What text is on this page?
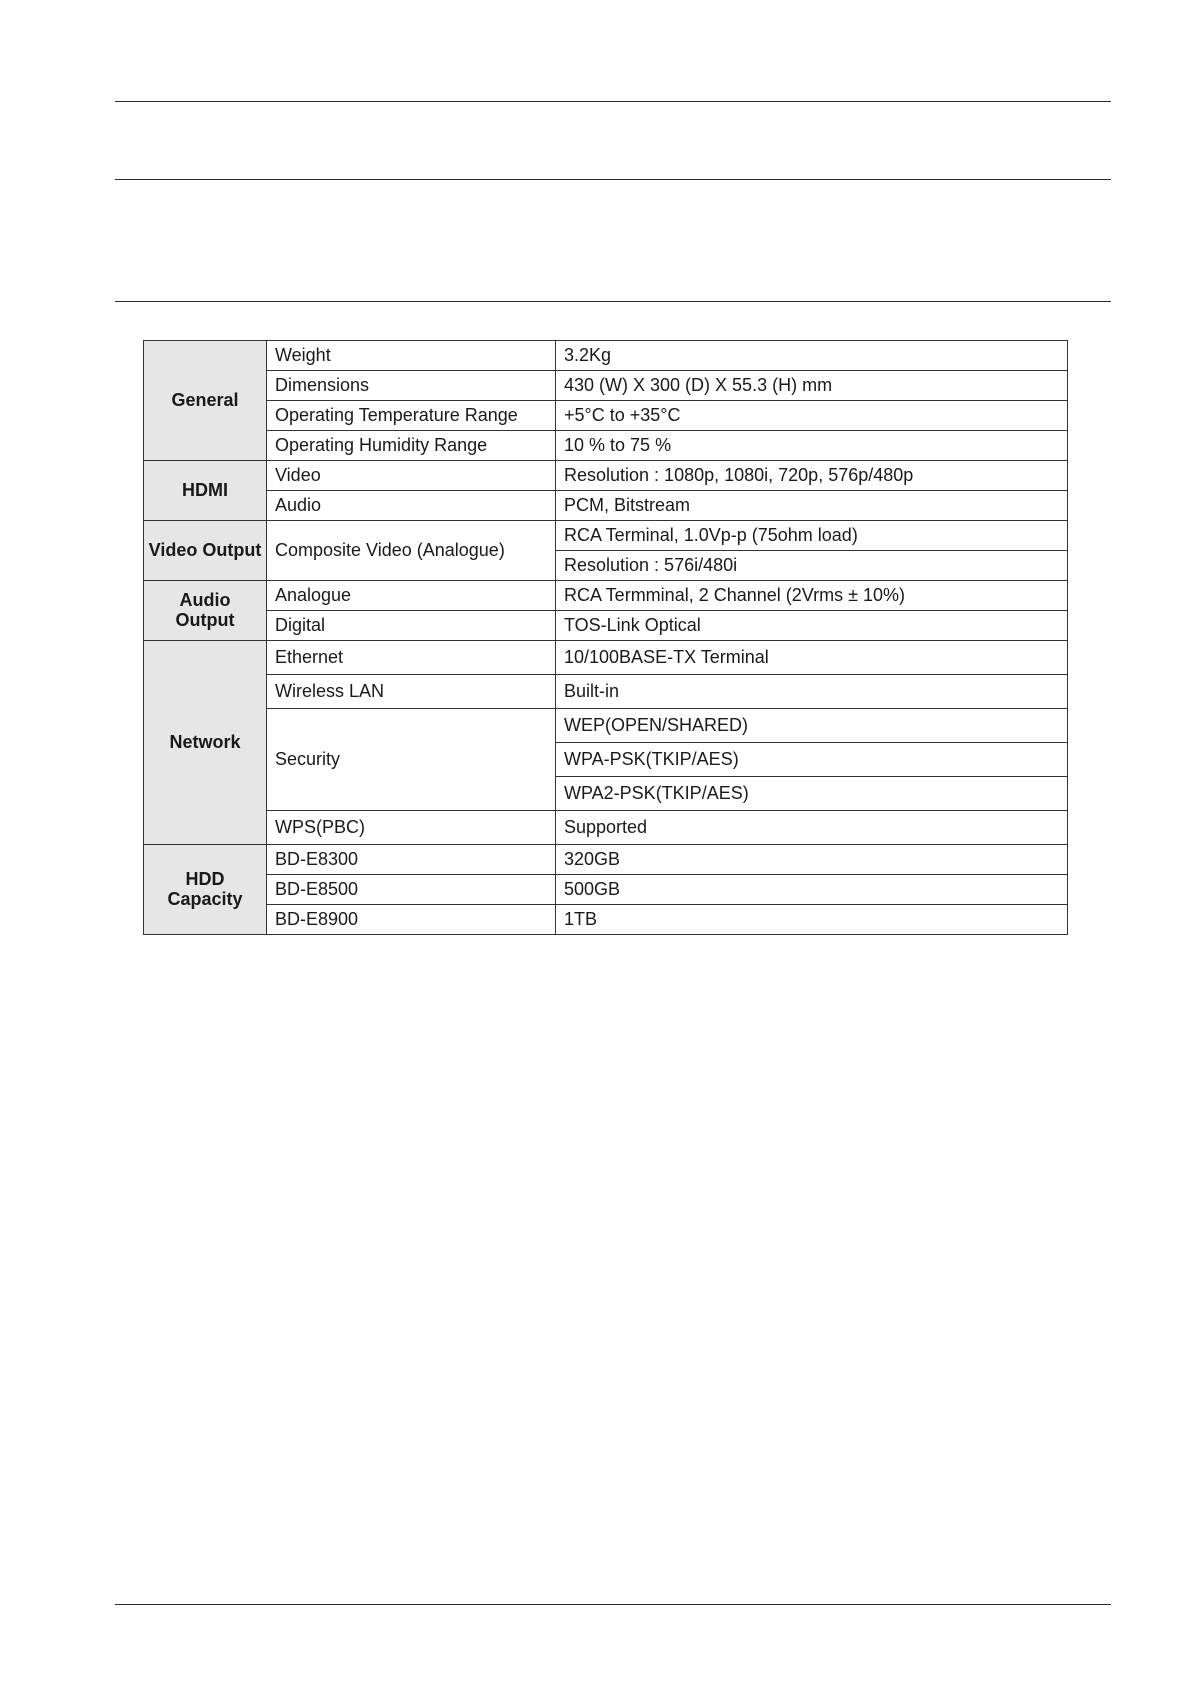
General	Weight	3.2Kg
	Dimensions	430 (W) X 300 (D) X 55.3 (H) mm
	Operating Temperature Range	+5°C to +35°C
	Operating Humidity Range	10 % to 75 %
HDMI	Video	Resolution : 1080p, 1080i, 720p, 576p/480p
	Audio	PCM, Bitstream
Video Output	Composite Video (Analogue)	RCA Terminal, 1.0Vp-p (75ohm load)
		Resolution : 576i/480i
Audio Output	Analogue	RCA Termminal, 2 Channel (2Vrms ± 10%)
	Digital	TOS-Link Optical
Network	Ethernet	10/100BASE-TX Terminal
	Wireless LAN	Built-in
	Security	WEP(OPEN/SHARED)
		WPA-PSK(TKIP/AES)
		WPA2-PSK(TKIP/AES)
	WPS(PBC)	Supported

HDD
Capacity	BD-E8300	320GB
	BD-E8500	500GB
	BD-E8900	1TB
